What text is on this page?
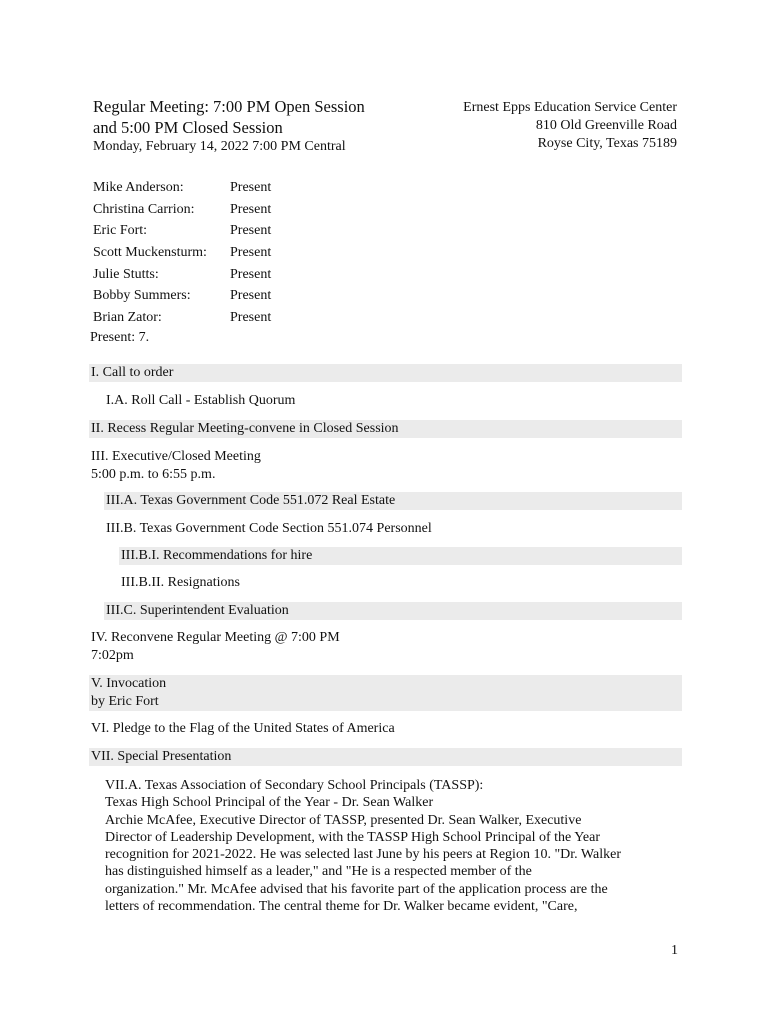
Regular Meeting: 7:00 PM Open Session
and 5:00 PM Closed Session
Monday, February 14, 2022 7:00 PM Central
Ernest Epps Education Service Center
810 Old Greenville Road
Royse City, Texas 75189
Mike Anderson:	Present
Christina Carrion:	Present
Eric Fort:	Present
Scott Muckensturm:	Present
Julie Stutts:	Present
Bobby Summers:	Present
Brian Zator:	Present
Present: 7.
I. Call to order
I.A. Roll Call - Establish Quorum
II. Recess Regular Meeting-convene in Closed Session
III. Executive/Closed Meeting
5:00 p.m. to 6:55 p.m.
III.A. Texas Government Code 551.072 Real Estate
III.B. Texas Government Code Section 551.074 Personnel
III.B.I. Recommendations for hire
III.B.II. Resignations
III.C. Superintendent Evaluation
IV. Reconvene Regular Meeting @ 7:00 PM
7:02pm
V. Invocation
by Eric Fort
VI. Pledge to the Flag of the United States of America
VII. Special Presentation
VII.A. Texas Association of Secondary School Principals (TASSP):
Texas High School Principal of the Year - Dr. Sean Walker
Archie McAfee, Executive Director of TASSP, presented Dr. Sean Walker, Executive
Director of Leadership Development, with the TASSP High School Principal of the Year
recognition for 2021-2022. He was selected last June by his peers at Region 10. "Dr. Walker
has distinguished himself as a leader," and "He is a respected member of the
organization." Mr. McAfee advised that his favorite part of the application process are the
letters of recommendation. The central theme for Dr. Walker became evident, "Care,
1
